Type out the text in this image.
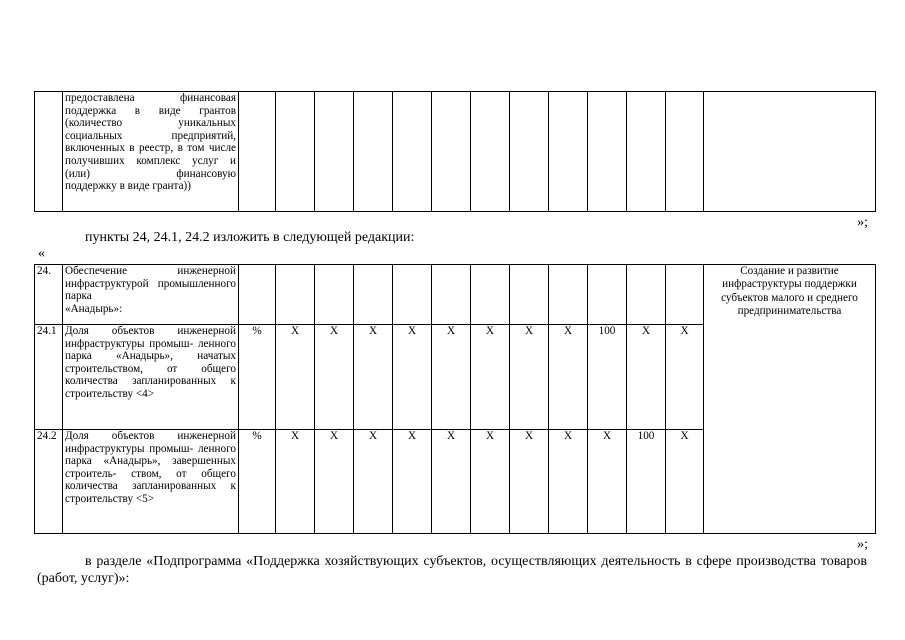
	предоставлена финансовая поддержка в виде грантов (количество уникальных социальных предприятий, включенных в реестр, в том числе получивших комплекс услуг и (или) финансовую
поддержку в виде гранта))

»;
пункты 24, 24.1, 24.2 изложить в следующей редакции:
«
24.	Обеспечение инженерной инфраструктурой промышленного парка
«Анадырь»:													Создание и развитие инфраструктуры поддержки субъектов малого и среднего предпринимательства
24.1	Доля объектов инженерной инфраструктуры промыш- ленного парка «Анадырь», начатых строительством, от общего количества запланированных к
строительству <4>	%	X	X	X	X	X	X	X	X	100	X	X	
24.2	Доля объектов инженерной инфраструктуры промыш- ленного парка «Анадырь», завершенных строитель- ством, от общего количества запланированных к
строительству <5>	%	X	X	X	X	X	X	X	X	X	100	X	
»;
в разделе «Подпрограмма «Поддержка хозяйствующих субъектов, осуществляющих деятельность в сфере производства товаров (работ, услуг)»:
